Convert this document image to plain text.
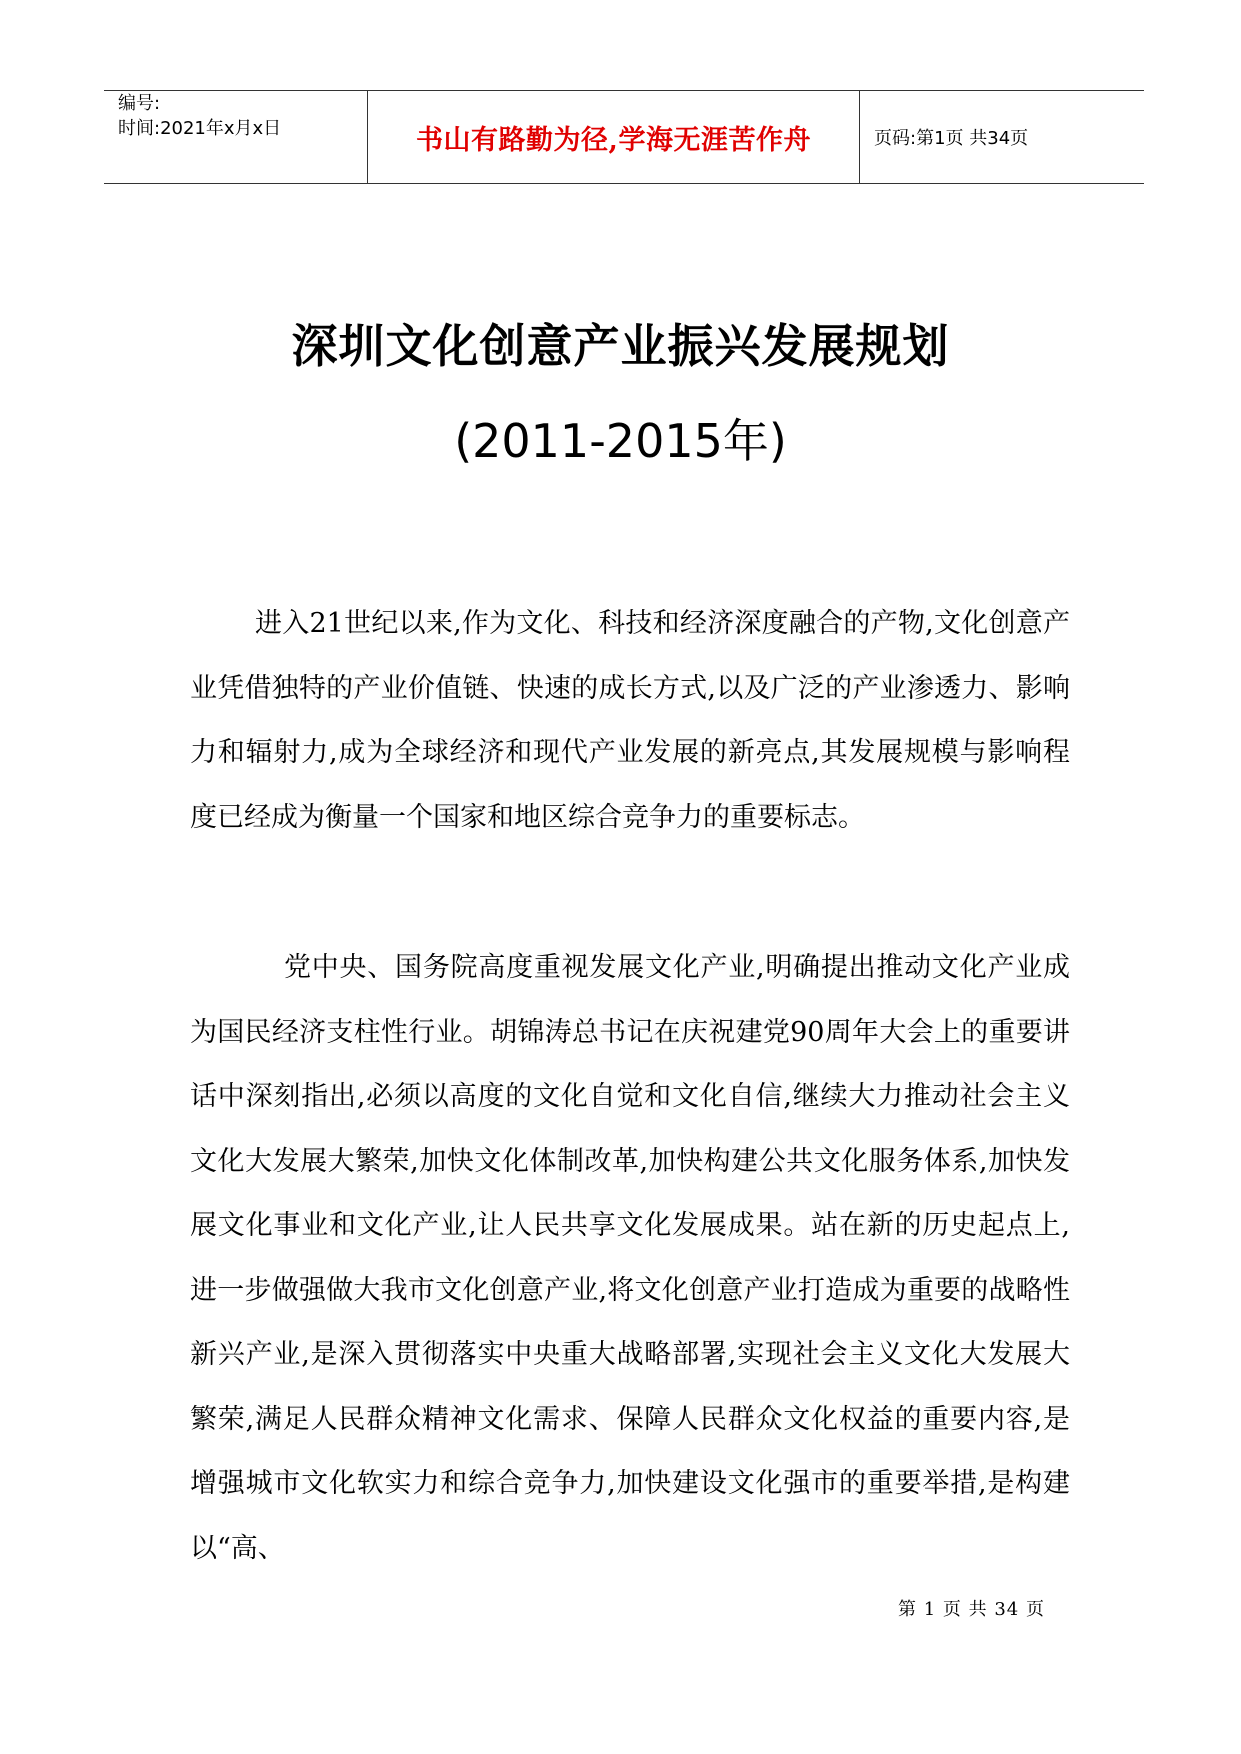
编号:
时间:2021年x月x日	书山有路勤为径,学海无涯苦作舟	页码:第1页 共34页
深圳文化创意产业振兴发展规划
(2011-2015年)

进入21世纪以来,作为文化、科技和经济深度融合的产物,文化创意产业凭借独特的产业价值链、快速的成长方式,以及广泛的产业渗透力、影响力和辐射力,成为全球经济和现代产业发展的新亮点,其发展规模与影响程度已经成为衡量一个国家和地区综合竞争力的重要标志。

党中央、国务院高度重视发展文化产业,明确提出推动文化产业成为国民经济支柱性行业。胡锦涛总书记在庆祝建党90周年大会上的重要讲话中深刻指出,必须以高度的文化自觉和文化自信,继续大力推动社会主义文化大发展大繁荣,加快文化体制改革,加快构建公共文化服务体系,加快发展文化事业和文化产业,让人民共享文化发展成果。站在新的历史起点上,进一步做强做大我市文化创意产业,将文化创意产业打造成为重要的战略性新兴产业,是深入贯彻落实中央重大战略部署,实现社会主义文化大发展大繁荣,满足人民群众精神文化需求、保障人民群众文化权益的重要内容,是增强城市文化软实力和综合竞争力,加快建设文化强市的重要举措,是构建以“高、

第 1 页 共 34 页
